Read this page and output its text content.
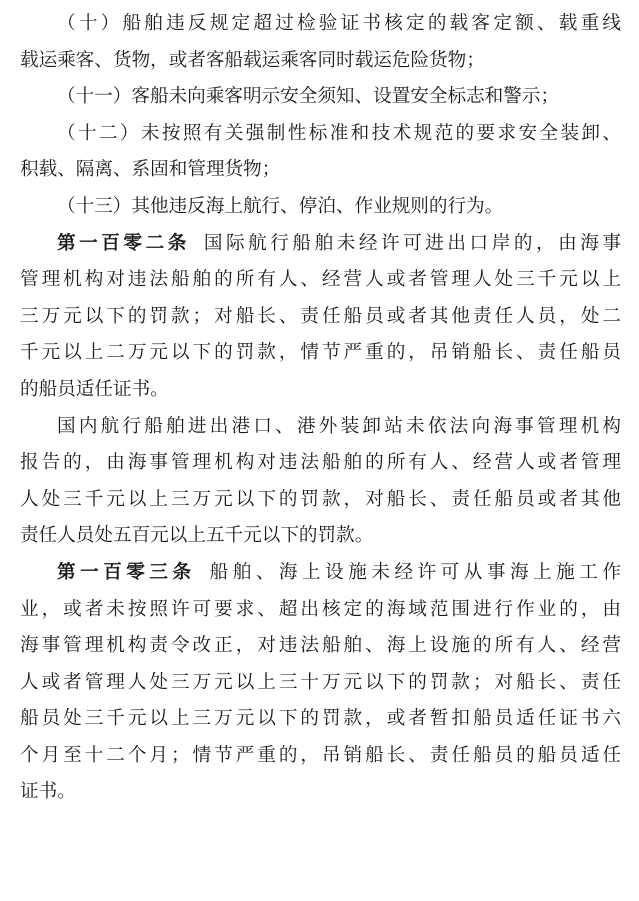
（十）船舶违反规定超过检验证书核定的载客定额、载重线
载运乘客、货物，或者客船载运乘客同时载运危险货物；
（十一）客船未向乘客明示安全须知、设置安全标志和警示；
（十二）未按照有关强制性标准和技术规范的要求安全装卸、
积载、隔离、系固和管理货物；
（十三）其他违反海上航行、停泊、作业规则的行为。
第一百零二条 国际航行船舶未经许可进出口岸的，由海事
管理机构对违法船舶的所有人、经营人或者管理人处三千元以上
三万元以下的罚款；对船长、责任船员或者其他责任人员，处二
千元以上二万元以下的罚款，情节严重的，吊销船长、责任船员
的船员适任证书。
国内航行船舶进出港口、港外装卸站未依法向海事管理机构
报告的，由海事管理机构对违法船舶的所有人、经营人或者管理
人处三千元以上三万元以下的罚款，对船长、责任船员或者其他
责任人员处五百元以上五千元以下的罚款。
第一百零三条 船舶、海上设施未经许可从事海上施工作
业，或者未按照许可要求、超出核定的海域范围进行作业的，由
海事管理机构责令改正，对违法船舶、海上设施的所有人、经营
人或者管理人处三万元以上三十万元以下的罚款；对船长、责任
船员处三千元以上三万元以下的罚款，或者暂扣船员适任证书六
个月至十二个月；情节严重的，吊销船长、责任船员的船员适任
证书。
